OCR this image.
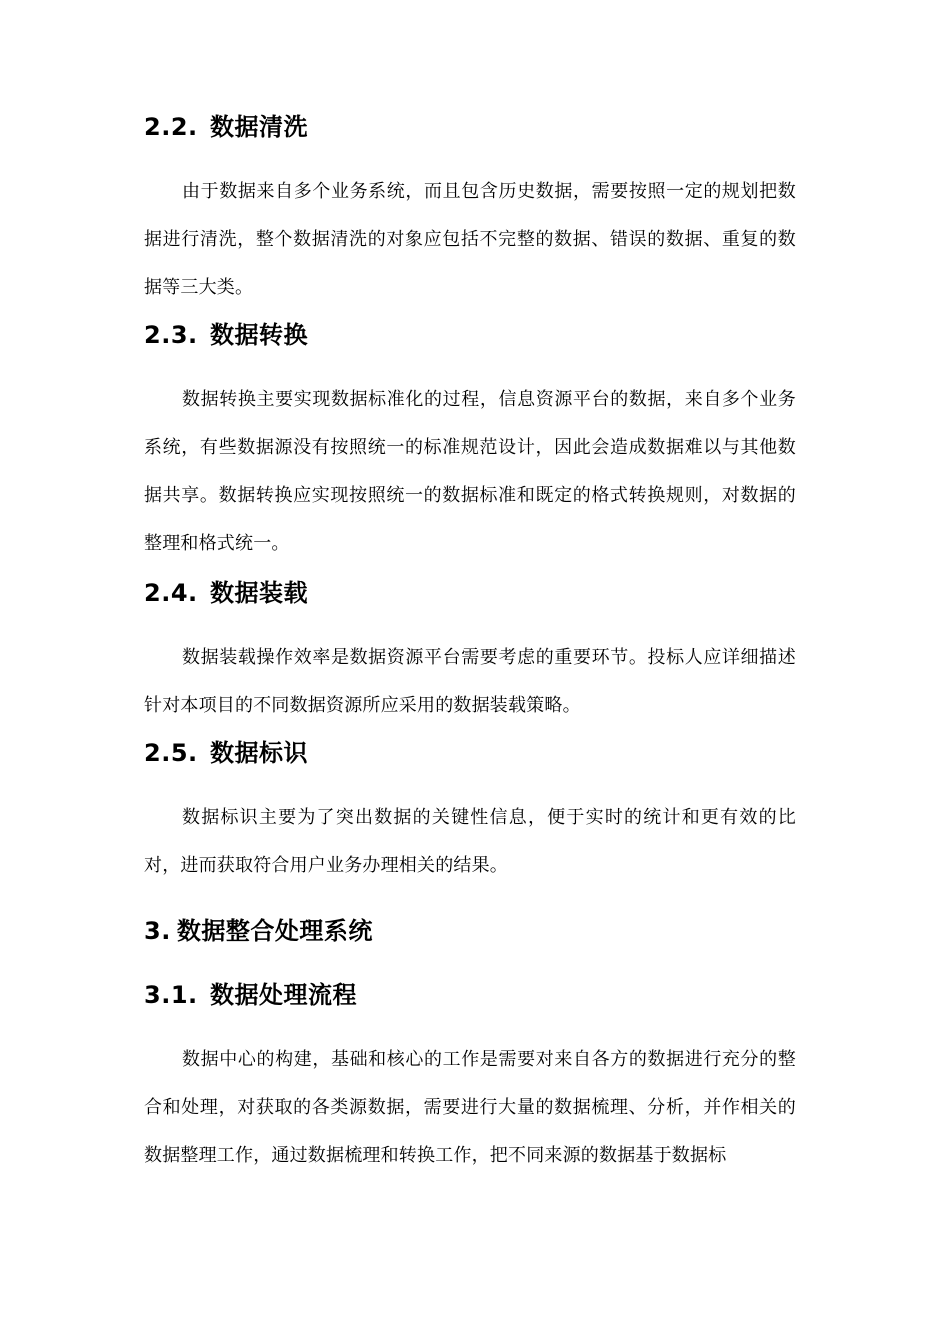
2.2. 数据清洗

由于数据来自多个业务系统，而且包含历史数据，需要按照一定的规划把数据进行清洗，整个数据清洗的对象应包括不完整的数据、错误的数据、重复的数据等三大类。

2.3. 数据转换

数据转换主要实现数据标准化的过程，信息资源平台的数据，来自多个业务系统，有些数据源没有按照统一的标准规范设计，因此会造成数据难以与其他数据共享。数据转换应实现按照统一的数据标准和既定的格式转换规则，对数据的整理和格式统一。

2.4. 数据装载

数据装载操作效率是数据资源平台需要考虑的重要环节。投标人应详细描述针对本项目的不同数据资源所应采用的数据装载策略。

2.5. 数据标识

数据标识主要为了突出数据的关键性信息，便于实时的统计和更有效的比对，进而获取符合用户业务办理相关的结果。

3. 数据整合处理系统
3.1. 数据处理流程

数据中心的构建，基础和核心的工作是需要对来自各方的数据进行充分的整合和处理，对获取的各类源数据，需要进行大量的数据梳理、分析，并作相关的数据整理工作，通过数据梳理和转换工作，把不同来源的数据基于数据标
